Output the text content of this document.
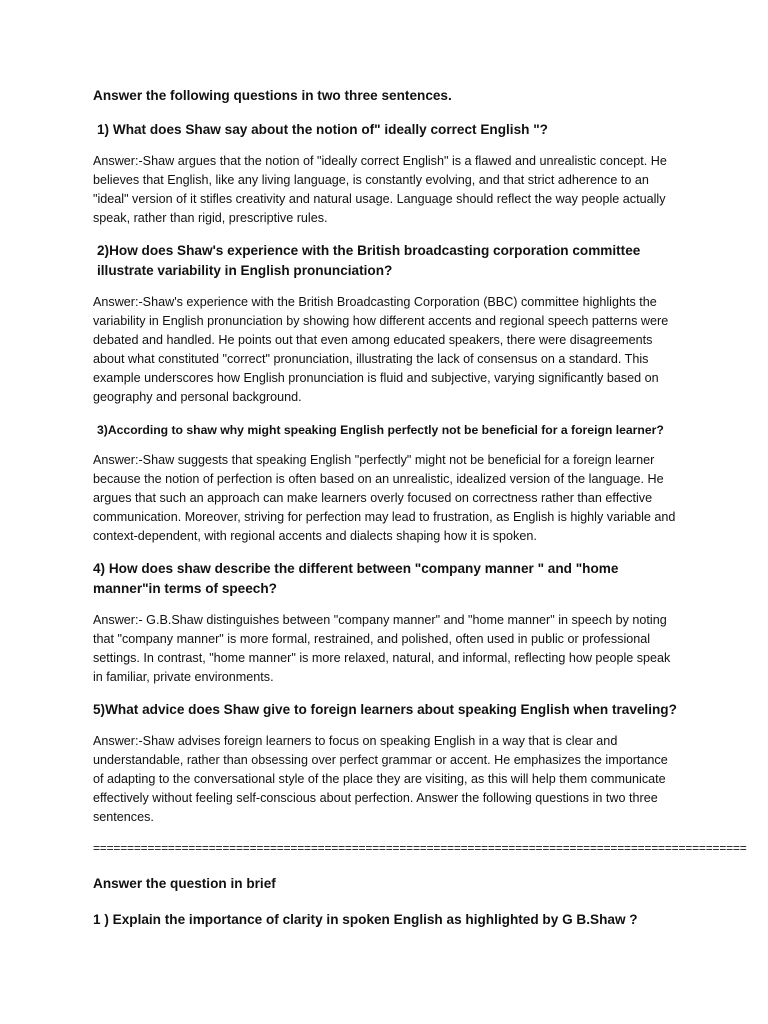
Answer the following questions in two three sentences.

1) What does Shaw say about the notion of" ideally correct English "?

Answer:-Shaw argues that the notion of "ideally correct English" is a flawed and unrealistic concept. He believes that English, like any living language, is constantly evolving, and that strict adherence to an "ideal" version of it stifles creativity and natural usage. Language should reflect the way people actually speak, rather than rigid, prescriptive rules.

2)How does Shaw's experience with the British broadcasting corporation committee illustrate variability in English pronunciation?

Answer:-Shaw's experience with the British Broadcasting Corporation (BBC) committee highlights the variability in English pronunciation by showing how different accents and regional speech patterns were debated and handled. He points out that even among educated speakers, there were disagreements about what constituted "correct" pronunciation, illustrating the lack of consensus on a standard. This example underscores how English pronunciation is fluid and subjective, varying significantly based on geography and personal background.

3)According to shaw why might speaking English perfectly not be beneficial for a foreign learner?

Answer:-Shaw suggests that speaking English "perfectly" might not be beneficial for a foreign learner because the notion of perfection is often based on an unrealistic, idealized version of the language. He argues that such an approach can make learners overly focused on correctness rather than effective communication. Moreover, striving for perfection may lead to frustration, as English is highly variable and context-dependent, with regional accents and dialects shaping how it is spoken.

4) How does shaw describe the different between "company manner " and "home manner"in terms of speech?

Answer:- G.B.Shaw distinguishes between "company manner" and "home manner" in speech by noting that "company manner" is more formal, restrained, and polished, often used in public or professional settings. In contrast, "home manner" is more relaxed, natural, and informal, reflecting how people speak in familiar, private environments.

5)What advice does Shaw give to foreign learners about speaking English when traveling?

Answer:-Shaw advises foreign learners to focus on speaking English in a way that is clear and understandable, rather than obsessing over perfect grammar or accent. He emphasizes the importance of adapting to the conversational style of the place they are visiting, as this will help them communicate effectively without feeling self-conscious about perfection. Answer the following questions in two three sentences.

================================================================================================

Answer the question in brief

1 ) Explain the importance of clarity in spoken English as highlighted by G B.Shaw ?
